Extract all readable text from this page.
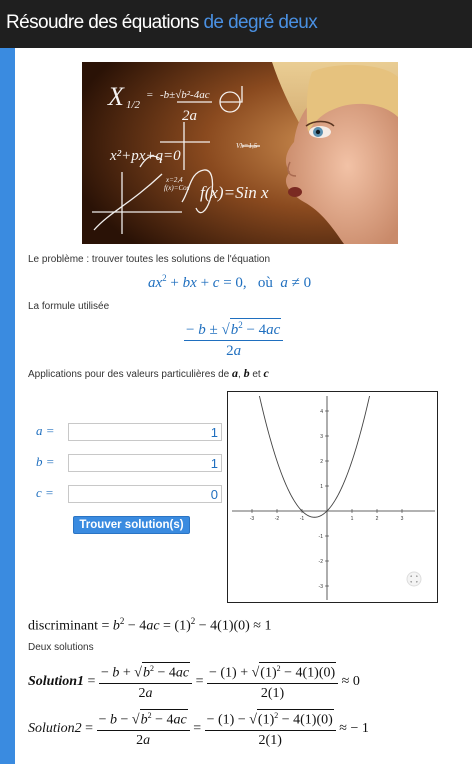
Résoudre des équations de degré deux
X 1/2
= -b±√b²-4ac
2a
x²+px+q=0
f(x)=Sin x
x=2,4
f(x)=Cos
Vh=1,5
Le problème : trouver toutes les solutions de l'équation
$ax^2$ + bx + c = 0,   où  a ≠ 0
La formule utilisée
$\frac{- b \pm √b^2 - 4ac}{2a}$
Applications pour des valeurs particulières de a, b et c
a =
1
b =
1
c =
0
Trouver solution(s)	-3	-2	-1	1	2	3
4
3
2
1
-1
-2
-3
discriminant = $b^2 - 4ac = (1)^2 - 4(1)(0) \approx 1$
Deux solutions
Solution1 = $\frac{- b + √b^2 - 4ac}{2a} = \frac{- (1) + √(1)^2 - 4(1)(0)}{2(1)} \approx 0$
Solution2 = $\frac{- b - √b^2 - 4ac}{2a} = \frac{- (1) - √(1)^2 - 4(1)(0)}{2(1)}$ ≈ − 1
